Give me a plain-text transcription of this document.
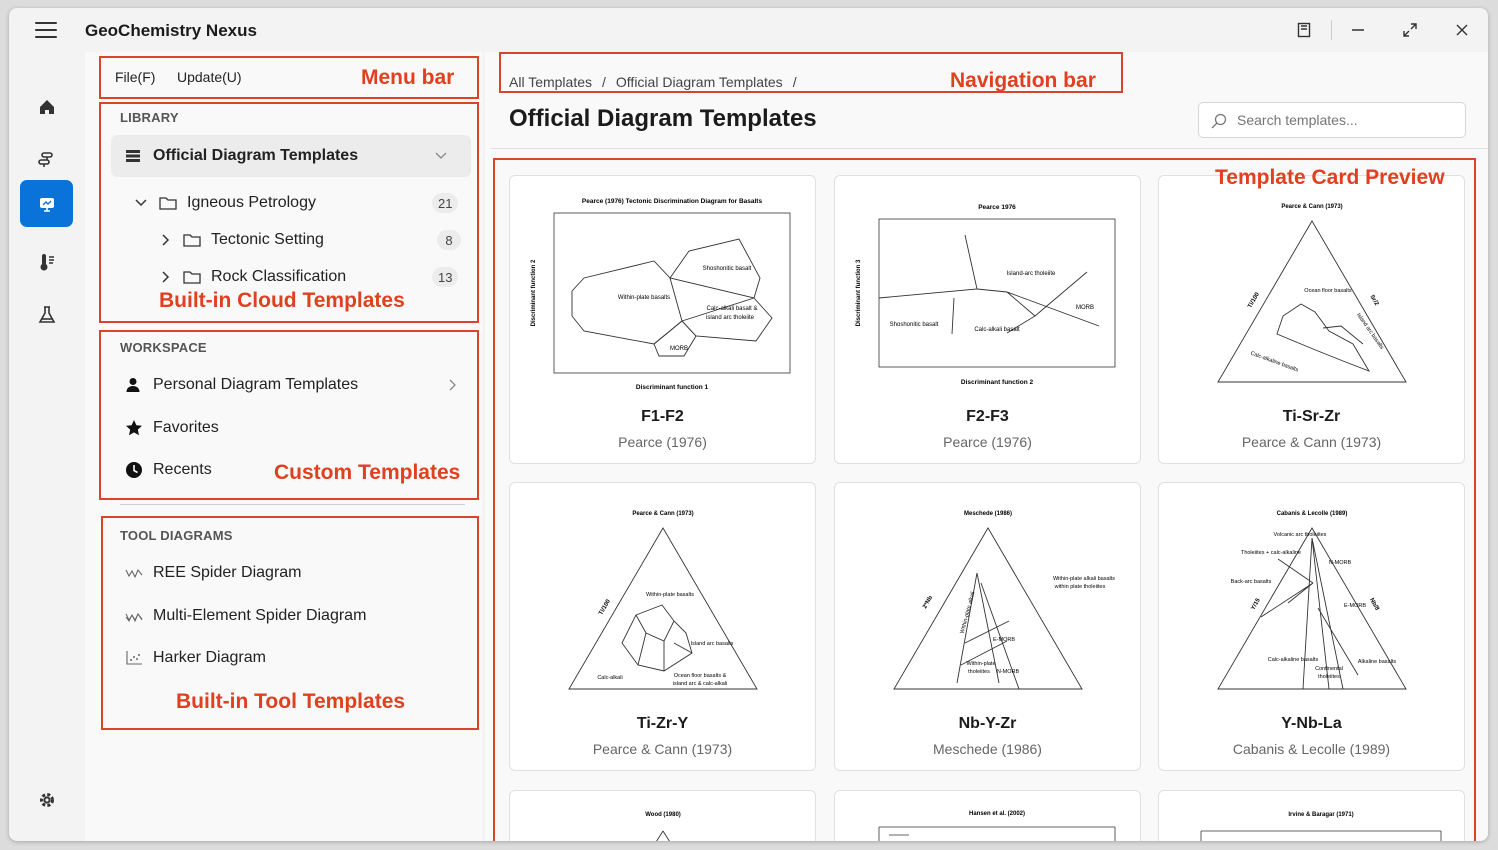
GeoChemistry Nexus
File(F) Update(U)	Menu bar
LIBRARY
Official Diagram Templates
Igneous Petrology	21
Tectonic Setting	8
Rock Classification	13
Built-in Cloud Templates
WORKSPACE
Personal Diagram Templates
Favorites
Recents	Custom Templates
TOOL DIAGRAMS
REE Spider Diagram
Multi-Element Spider Diagram
Harker Diagram
Built-in Tool Templates
All Templates / Official Diagram Templates /	Navigation bar
Official Diagram Templates
Search templates...
Pearce (1976) Tectonic Discrimination Diagram for Basalts
Shoshonitic basalt
Within-plate basalts
Calc-alkali basalt &
island arc tholeiite
MORB
Discriminant function 1
Discriminant function 2
F1-F2
Pearce (1976)
Pearce 1976
Island-arc tholeiite
Shoshonitic basalt
Calc-alkali basalt
MORB
Discriminant function 2
Discriminant function 3
F2-F3
Pearce (1976)
Pearce & Cann (1973)
Ocean floor basalts
Island arc basalts
Calc-alkaline basalts
Ti/100	Sr/2
Ti-Sr-Zr
Pearce & Cann (1973)
Pearce & Cann (1973)
Within-plate basalts
Island arc basalts
Ocean floor basalts &
island arc & calc-alkali
Calc-alkali
Ti/100
Ti-Zr-Y
Pearce & Cann (1973)
Meschede (1986)
Within-plate alkali basalts
within plate tholeiites
Within-plate alkali
E-MORB
Within-plate
tholeiites N-MORB
2*Nb
Nb-Y-Zr
Meschede (1986)
Cabanis & Lecolle (1989)
Volcanic arc tholeiites
Tholeiites + calc-alkaline
N-MORB
Back-arc basalts
E-MORB
Calc-alkaline basalts	Alkaline basalts
Continental
tholeiites
Y/15	Nb/8
Y-Nb-La
Cabanis & Lecolle (1989)
Wood (1980)	Hansen et al. (2002)	Irvine & Baragar (1971)
Template Card Preview
